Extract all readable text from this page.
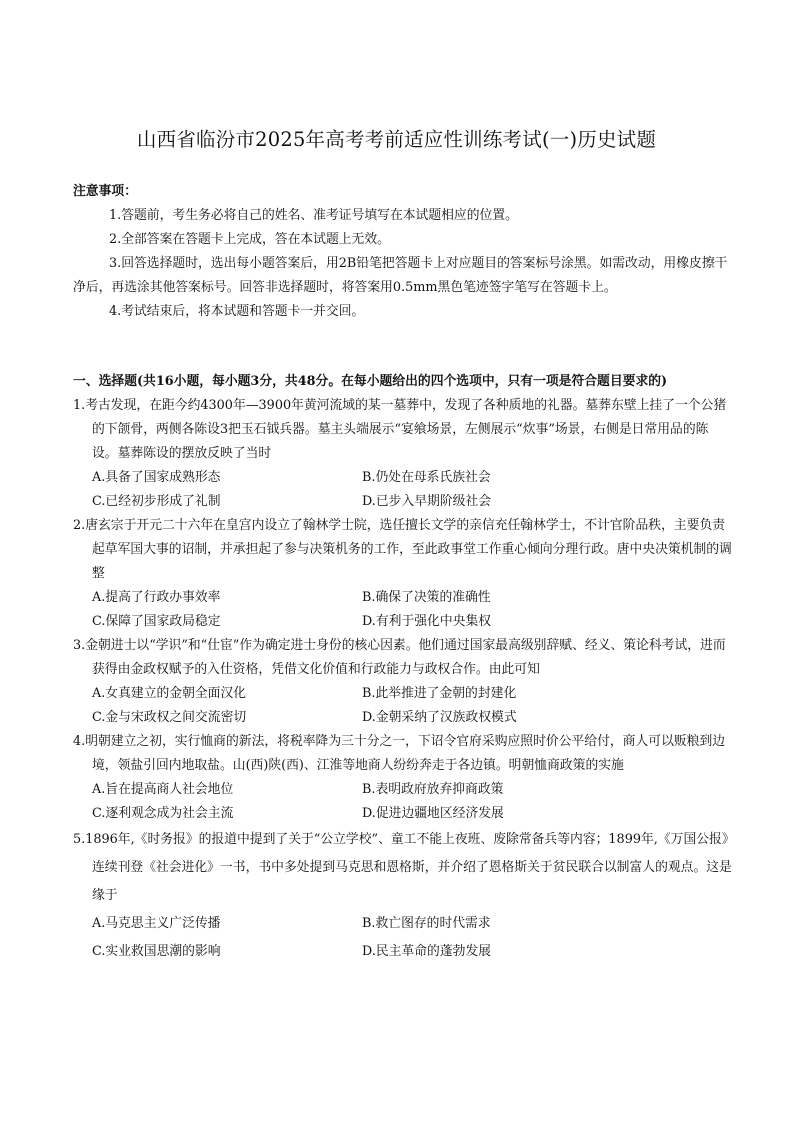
山西省临汾市2025年高考考前适应性训练考试(一)历史试题
注意事项：
1.答题前，考生务必将自己的姓名、准考证号填写在本试题相应的位置。
2.全部答案在答题卡上完成，答在本试题上无效。
3.回答选择题时，选出每小题答案后，用2B铅笔把答题卡上对应题目的答案标号涂黑。如需改动，用橡皮擦干净后，再选涂其他答案标号。回答非选择题时，将答案用0.5mm黑色笔迹签字笔写在答题卡上。
4.考试结束后，将本试题和答题卡一并交回。
一、选择题(共16小题，每小题3分，共48分。在每小题给出的四个选项中，只有一项是符合题目要求的)
1.考古发现，在距今约4300年—3900年黄河流域的某一墓葬中，发现了各种质地的礼器。墓葬东壁上挂了一个公猪的下颌骨，两侧各陈设3把玉石钺兵器。墓主头端展示“宴飨场景，左侧展示“炊事”场景，右侧是日常用品的陈设。墓葬陈设的摆放反映了当时
A.具备了国家成熟形态	B.仍处在母系氏族社会
C.已经初步形成了礼制	D.已步入早期阶级社会
2.唐玄宗于开元二十六年在皇宫内设立了翰林学士院，选任擅长文学的亲信充任翰林学士，不计官阶品秩，主要负责起草军国大事的诏制，并承担起了参与决策机务的工作，至此政事堂工作重心倾向分理行政。唐中央决策机制的调整
A.提高了行政办事效率	B.确保了决策的准确性
C.保障了国家政局稳定	D.有利于强化中央集权
3.金朝进士以“学识”和“仕宦”作为确定进士身份的核心因素。他们通过国家最高级别辞赋、经义、策论科考试，进而获得由金政权赋予的入仕资格，凭借文化价值和行政能力与政权合作。由此可知
A.女真建立的金朝全面汉化	B.此举推进了金朝的封建化
C.金与宋政权之间交流密切	D.金朝采纳了汉族政权模式
4.明朝建立之初，实行恤商的新法，将税率降为三十分之一，下诏令官府采购应照时价公平给付，商人可以贩粮到边境，领盐引回内地取盐。山(西)陕(西)、江淮等地商人纷纷奔走于各边镇。明朝恤商政策的实施
A.旨在提高商人社会地位	B.表明政府放弃抑商政策
C.逐利观念成为社会主流	D.促进边疆地区经济发展
5.1896年,《时务报》的报道中提到了关于“公立学校”、童工不能上夜班、废除常备兵等内容；1899年,《万国公报》连续刊登《社会进化》一书，书中多处提到马克思和恩格斯，并介绍了恩格斯关于贫民联合以制富人的观点。这是缘于
A.马克思主义广泛传播	B.救亡图存的时代需求
C.实业救国思潮的影响	D.民主革命的蓬勃发展
